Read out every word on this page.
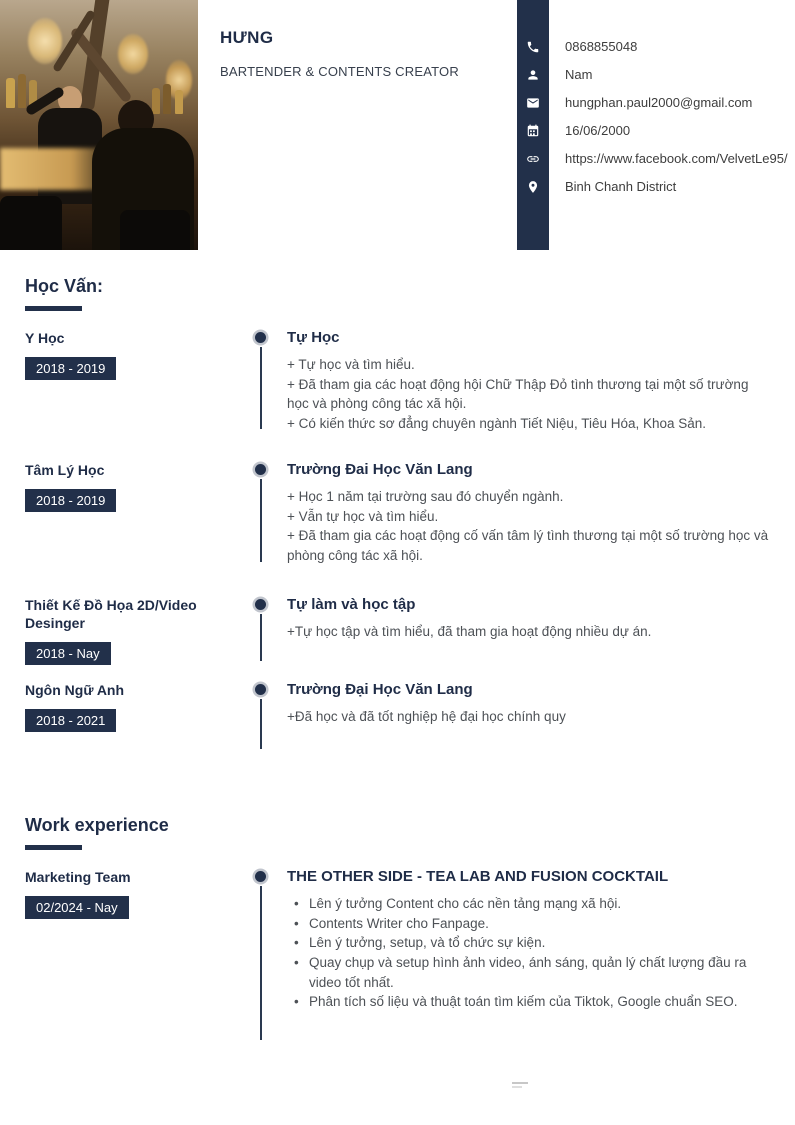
HƯNG
BARTENDER & CONTENTS CREATOR
0868855048
Nam
hungphan.paul2000@gmail.com
16/06/2000
https://www.facebook.com/VelvetLe95/
Binh Chanh District
Học Vấn:
Y Học
2018 - 2019
Tự Học
+ Tự học và tìm hiểu.
+ Đã tham gia các hoạt động hội Chữ Thập Đỏ tình thương tại một số trường học và phòng công tác xã hội.
+ Có kiến thức sơ đẳng chuyên ngành Tiết Niệu, Tiêu Hóa, Khoa Sản.
Tâm Lý Học
2018 - 2019
Trường Đai Học Văn Lang
+ Học 1 năm tại trường sau đó chuyển ngành.
+ Vẫn tự học và tìm hiểu.
+ Đã tham gia các hoạt động cố vấn tâm lý tình thương tại một số trường học và phòng công tác xã hội.
Thiết Kế Đồ Họa 2D/Video Desinger
2018 - Nay
Tự làm và học tập
+Tự học tập và tìm hiểu, đã tham gia hoạt động nhiều dự án.
Ngôn Ngữ Anh
2018 - 2021
Trường Đại Học Văn Lang
+Đã học và đã tốt nghiệp hệ đại học chính quy
Work experience
Marketing Team
02/2024 - Nay
THE OTHER SIDE - TEA LAB AND FUSION COCKTAIL
• Lên ý tưởng Content cho các nền tảng mạng xã hội.
• Contents Writer cho Fanpage.
• Lên ý tưởng, setup, và tổ chức sự kiện.
• Quay chụp và setup hình ảnh video, ánh sáng, quản lý chất lượng đầu ra video tốt nhất.
• Phân tích số liệu và thuật toán tìm kiếm của Tiktok, Google chuẩn SEO.
